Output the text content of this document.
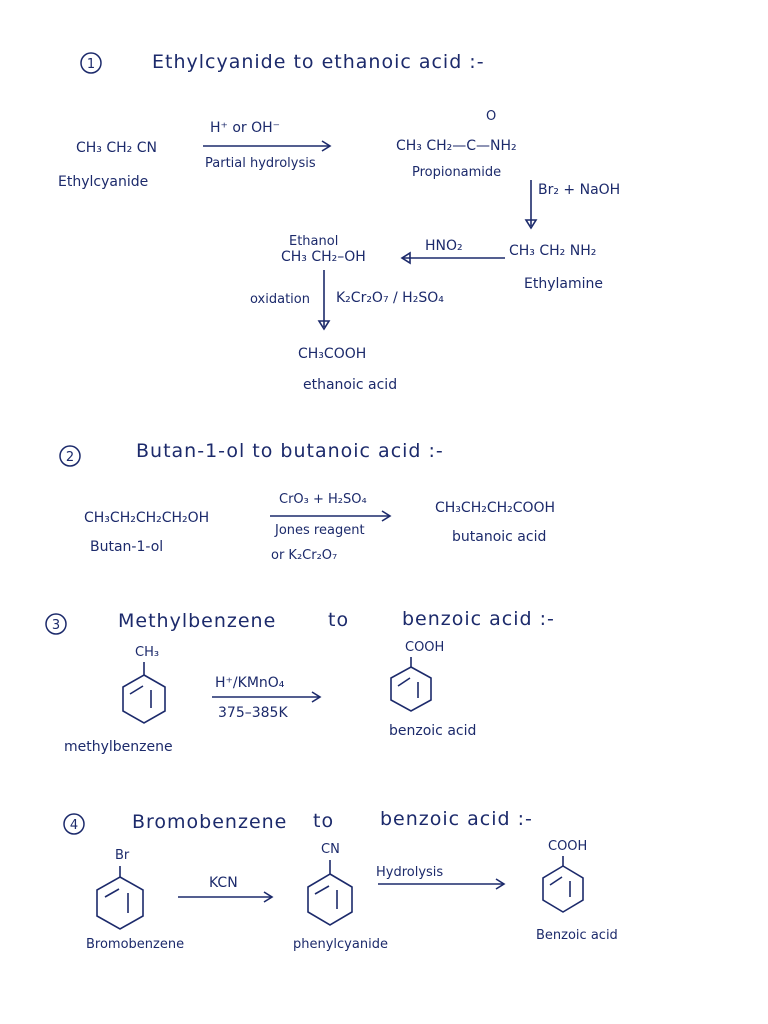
1	Ethylcyanide to ethanoic acid :-
CH₃ CH₂ CN
Ethylcyanide
H⁺ or OH⁻
Partial hydrolysis
O
CH₃ CH₂—C—NH₂
Propionamide
Br₂ + NaOH
CH₃ CH₂ NH₂
Ethylamine
HNO₂
Ethanol
CH₃ CH₂–OH
oxidation K₂Cr₂O₇ / H₂SO₄
CH₃COOH
ethanoic acid
2	Butan-1-ol to butanoic acid :-
CH₃CH₂CH₂CH₂OH
Butan-1-ol
CrO₃ + H₂SO₄
Jones reagent
or K₂Cr₂O₇
CH₃CH₂CH₂COOH
butanoic acid
3	Methylbenzene	to	benzoic acid :-
CH₃
methylbenzene
H⁺/KMnO₄
375–385K
COOH
benzoic acid
4	Bromobenzene to benzoic acid :-
Br
Bromobenzene
KCN
CN
phenylcyanide
Hydrolysis
COOH
Benzoic acid
